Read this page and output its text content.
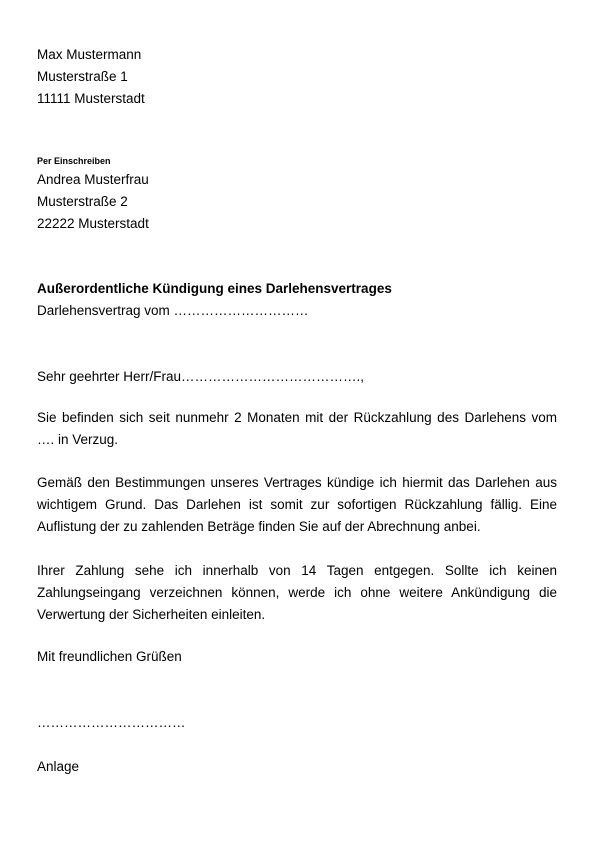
Max Mustermann
Musterstraße 1
11111 Musterstadt
Per Einschreiben
Andrea Musterfrau
Musterstraße 2
22222 Musterstadt
Außerordentliche Kündigung eines Darlehensvertrages
Darlehensvertrag vom …………………………
Sehr geehrter Herr/Frau………………………………….,
Sie befinden sich seit nunmehr 2 Monaten mit der Rückzahlung des Darlehens vom …. in Verzug.
Gemäß den Bestimmungen unseres Vertrages kündige ich hiermit das Darlehen aus wichtigem Grund. Das Darlehen ist somit zur sofortigen Rückzahlung fällig. Eine Auflistung der zu zahlenden Beträge finden Sie auf der Abrechnung anbei.
Ihrer Zahlung sehe ich innerhalb von 14 Tagen entgegen. Sollte ich keinen Zahlungseingang verzeichnen können, werde ich ohne weitere Ankündigung die Verwertung der Sicherheiten einleiten.
Mit freundlichen Grüßen
……………………………
Anlage
